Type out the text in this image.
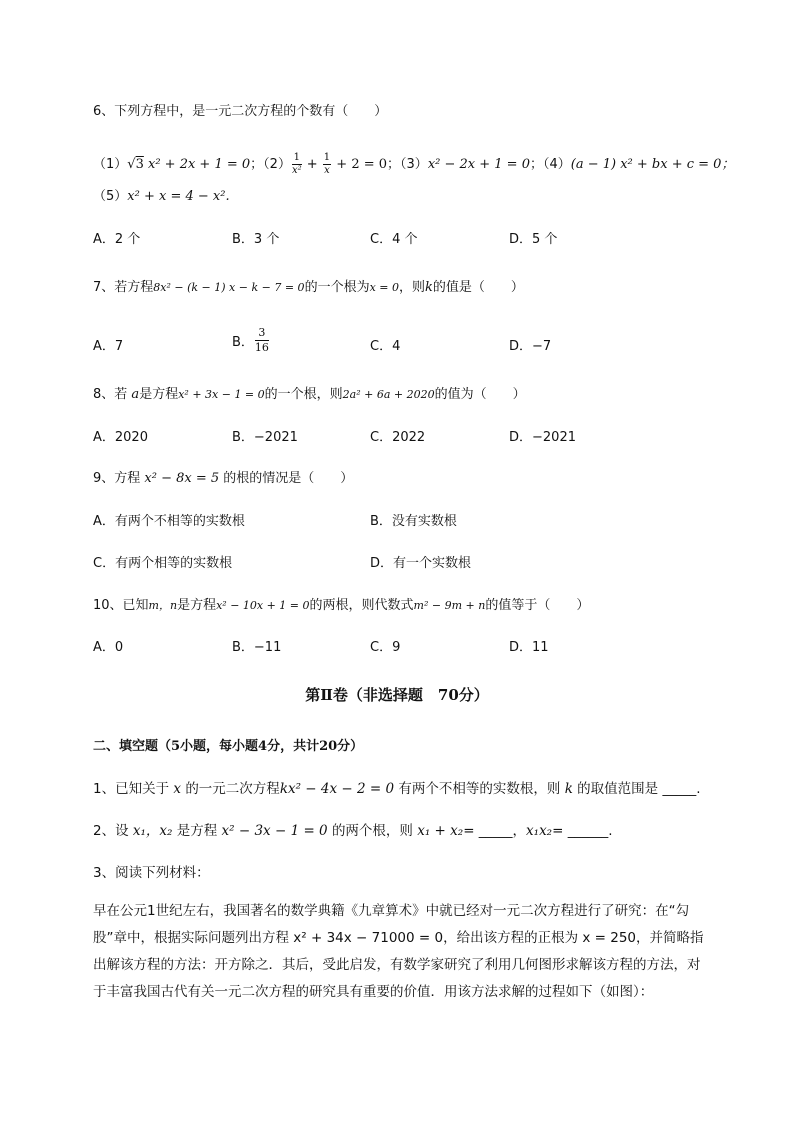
6、下列方程中，是一元二次方程的个数有（　　）
（1）√3 x² + 2x + 1 = 0；$(2) \frac{1}{\text{x²}} + \frac{1}{x} + 2 = 0$；（3）x² − 2x + 1 = 0；（4）(a − 1) x² + bx + c = 0；
（5）x² + x = 4 − x².
A．2 个	B．3 个	C．4 个	D．5 个
7、若方程8x² − (k − 1) x − k − 7 = 0的一个根为x = 0，则k的值是（　　）
A．7	B． $\frac{3}{16}$	C．4	D．−7
8、若 a是方程x² + 3x − 1 = 0的一个根，则2a² + 6a + 2020的值为（　　）
A．2020	B．−2021	C．2022	D．−2021
9、方程 x² − 8x = 5 的根的情况是（　　）
A．有两个不相等的实数根	B．没有实数根
C．有两个相等的实数根	D．有一个实数根
10、已知m，n是方程x² − 10x + 1 = 0的两根，则代数式m² − 9m + n的值等于（　　）
A．0	B．−11	C．9	D．11
第Ⅱ卷（非选择题　70分）
二、填空题（5小题，每小题4分，共计20分）
1、已知关于 x 的一元二次方程kx² − 4x − 2 = 0 有两个不相等的实数根，则 k 的取值范围是 _____.
2、设 x₁，x₂ 是方程 x² − 3x − 1 = 0 的两个根，则 x₁ + x₂= _____，x₁x₂= ______.
3、阅读下列材料：
早在公元1世纪左右，我国著名的数学典籍《九章算术》中就已经对一元二次方程进行了研究：在“勾股”章中，根据实际问题列出方程 x² + 34x − 71000 = 0，给出该方程的正根为 x = 250，并简略指出解该方程的方法：开方除之．其后，受此启发，有数学家研究了利用几何图形求解该方程的方法，对于丰富我国古代有关一元二次方程的研究具有重要的价值．用该方法求解的过程如下（如图）：
